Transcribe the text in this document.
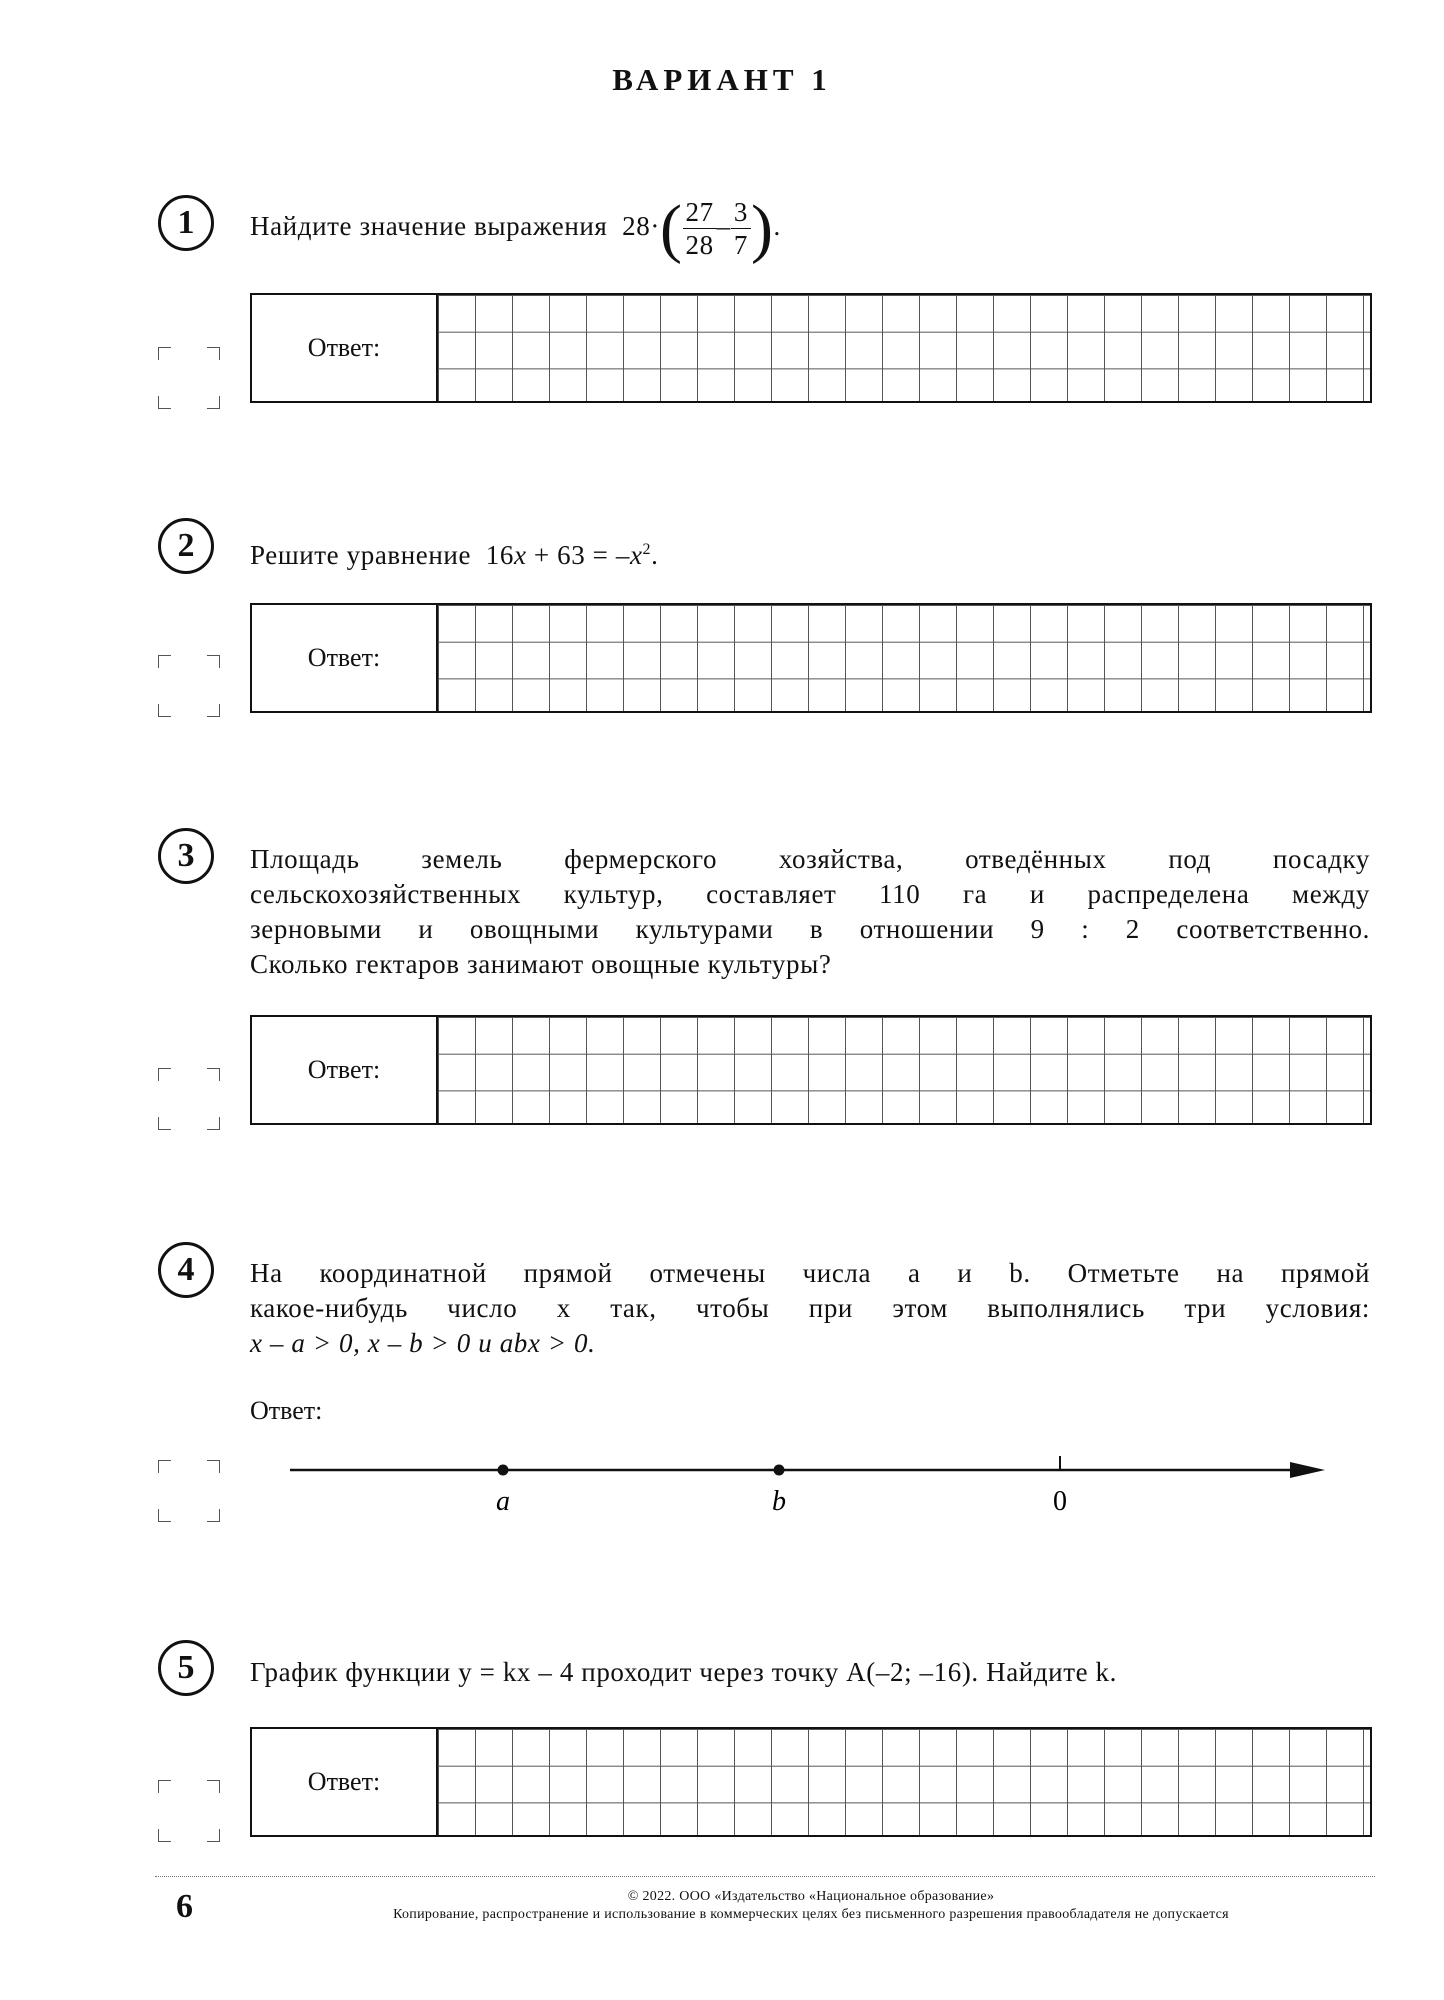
ВАРИАНТ 1
1	Найдите значение выражения $28\cdot( \frac{27}{28} - \frac{3}{7}$ ).
Ответ:
2	Решите уравнение $16x + 63 = -x^2$.
Ответ:
3	Площадь земель фермерского хозяйства, отведённых под посадку
сельскохозяйственных культур, составляет 110 га и распределена между
зерновыми и овощными культурами в отношении 9 : 2 соответственно.
Сколько гектаров занимают овощные культуры?
Ответ:
4	На координатной прямой отмечены числа a и b. Отметьте на прямой
какое-нибудь число x так, чтобы при этом выполнялись три условия:
x – a > 0, x – b > 0 и abx > 0.
Ответ:
a	b	0
5	График функции y = kx – 4 проходит через точку A(–2; –16). Найдите k.
Ответ:
6	© 2022. ООО «Издательство «Национальное образование»
Копирование, распространение и использование в коммерческих целях без письменного разрешения правообладателя не допускается
